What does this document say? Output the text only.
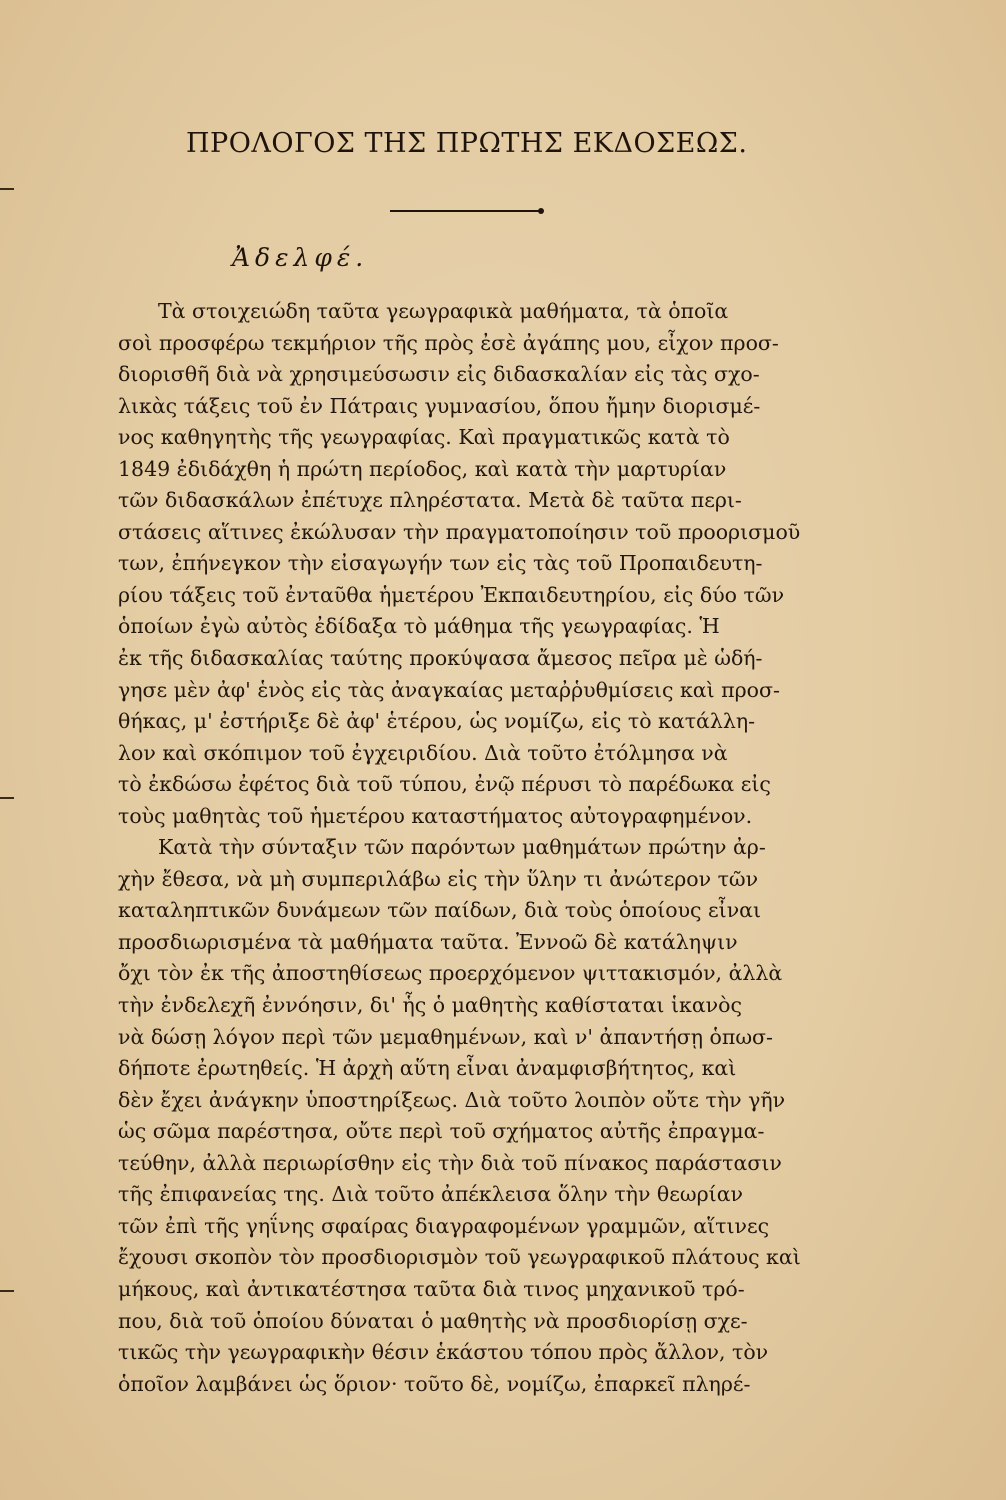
ΠΡΟΛΟΓΟΣ ΤΗΣ ΠΡΩΤΗΣ ΕΚΔΟΣΕΩΣ.
Ἀδελφέ.
Τὰ στοιχειώδη ταῦτα γεωγραφικὰ μαθήματα, τὰ ὁποῖα
σοὶ προσφέρω τεκμήριον τῆς πρὸς ἐσὲ ἀγάπης μου, εἶχον προσ-
διορισθῆ διὰ νὰ χρησιμεύσωσιν εἰς διδασκαλίαν εἰς τὰς σχο-
λικὰς τάξεις τοῦ ἐν Πάτραις γυμνασίου, ὅπου ἤμην διορισμέ-
νος καθηγητὴς τῆς γεωγραφίας. Καὶ πραγματικῶς κατὰ τὸ
1849 ἐδιδάχθη ἡ πρώτη περίοδος, καὶ κατὰ τὴν μαρτυρίαν
τῶν διδασκάλων ἐπέτυχε πληρέστατα. Μετὰ δὲ ταῦτα περι-
στάσεις αἵτινες ἐκώλυσαν τὴν πραγματοποίησιν τοῦ προορισμοῦ
των, ἐπήνεγκον τὴν εἰσαγωγήν των εἰς τὰς τοῦ Προπαιδευτη-
ρίου τάξεις τοῦ ἐνταῦθα ἡμετέρου Ἐκπαιδευτηρίου, εἰς δύο τῶν
ὁποίων ἐγὼ αὐτὸς ἐδίδαξα τὸ μάθημα τῆς γεωγραφίας. Ἡ
ἐκ τῆς διδασκαλίας ταύτης προκύψασα ἄμεσος πεῖρα μὲ ὡδή-
γησε μὲν ἀφ' ἑνὸς εἰς τὰς ἀναγκαίας μεταῤῥυθμίσεις καὶ προσ-
θήκας, μ' ἐστήριξε δὲ ἀφ' ἑτέρου, ὡς νομίζω, εἰς τὸ κατάλλη-
λον καὶ σκόπιμον τοῦ ἐγχειριδίου. Διὰ τοῦτο ἐτόλμησα νὰ
τὸ ἐκδώσω ἐφέτος διὰ τοῦ τύπου, ἐνῷ πέρυσι τὸ παρέδωκα εἰς
τοὺς μαθητὰς τοῦ ἡμετέρου καταστήματος αὐτογραφημένον.
Κατὰ τὴν σύνταξιν τῶν παρόντων μαθημάτων πρώτην ἀρ-
χὴν ἔθεσα, νὰ μὴ συμπεριλάβω εἰς τὴν ὕλην τι ἀνώτερον τῶν
καταληπτικῶν δυνάμεων τῶν παίδων, διὰ τοὺς ὁποίους εἶναι
προσδιωρισμένα τὰ μαθήματα ταῦτα. Ἐννοῶ δὲ κατάληψιν
ὄχι τὸν ἐκ τῆς ἀποστηθίσεως προερχόμενον ψιττακισμόν, ἀλλὰ
τὴν ἐνδελεχῆ ἐννόησιν, δι' ἧς ὁ μαθητὴς καθίσταται ἱκανὸς
νὰ δώσῃ λόγον περὶ τῶν μεμαθημένων, καὶ ν' ἀπαντήσῃ ὁπωσ-
δήποτε ἐρωτηθείς. Ἡ ἀρχὴ αὕτη εἶναι ἀναμφισβήτητος, καὶ
δὲν ἔχει ἀνάγκην ὑποστηρίξεως. Διὰ τοῦτο λοιπὸν οὔτε τὴν γῆν
ὡς σῶμα παρέστησα, οὔτε περὶ τοῦ σχήματος αὐτῆς ἐπραγμα-
τεύθην, ἀλλὰ περιωρίσθην εἰς τὴν διὰ τοῦ πίνακος παράστασιν
τῆς ἐπιφανείας της. Διὰ τοῦτο ἀπέκλεισα ὅλην τὴν θεωρίαν
τῶν ἐπὶ τῆς γηΐνης σφαίρας διαγραφομένων γραμμῶν, αἵτινες
ἔχουσι σκοπὸν τὸν προσδιορισμὸν τοῦ γεωγραφικοῦ πλάτους καὶ
μήκους, καὶ ἀντικατέστησα ταῦτα διὰ τινος μηχανικοῦ τρό-
που, διὰ τοῦ ὁποίου δύναται ὁ μαθητὴς νὰ προσδιορίσῃ σχε-
τικῶς τὴν γεωγραφικὴν θέσιν ἑκάστου τόπου πρὸς ἄλλον, τὸν
ὁποῖον λαμβάνει ὡς ὅριον· τοῦτο δὲ, νομίζω, ἐπαρκεῖ πληρέ-
